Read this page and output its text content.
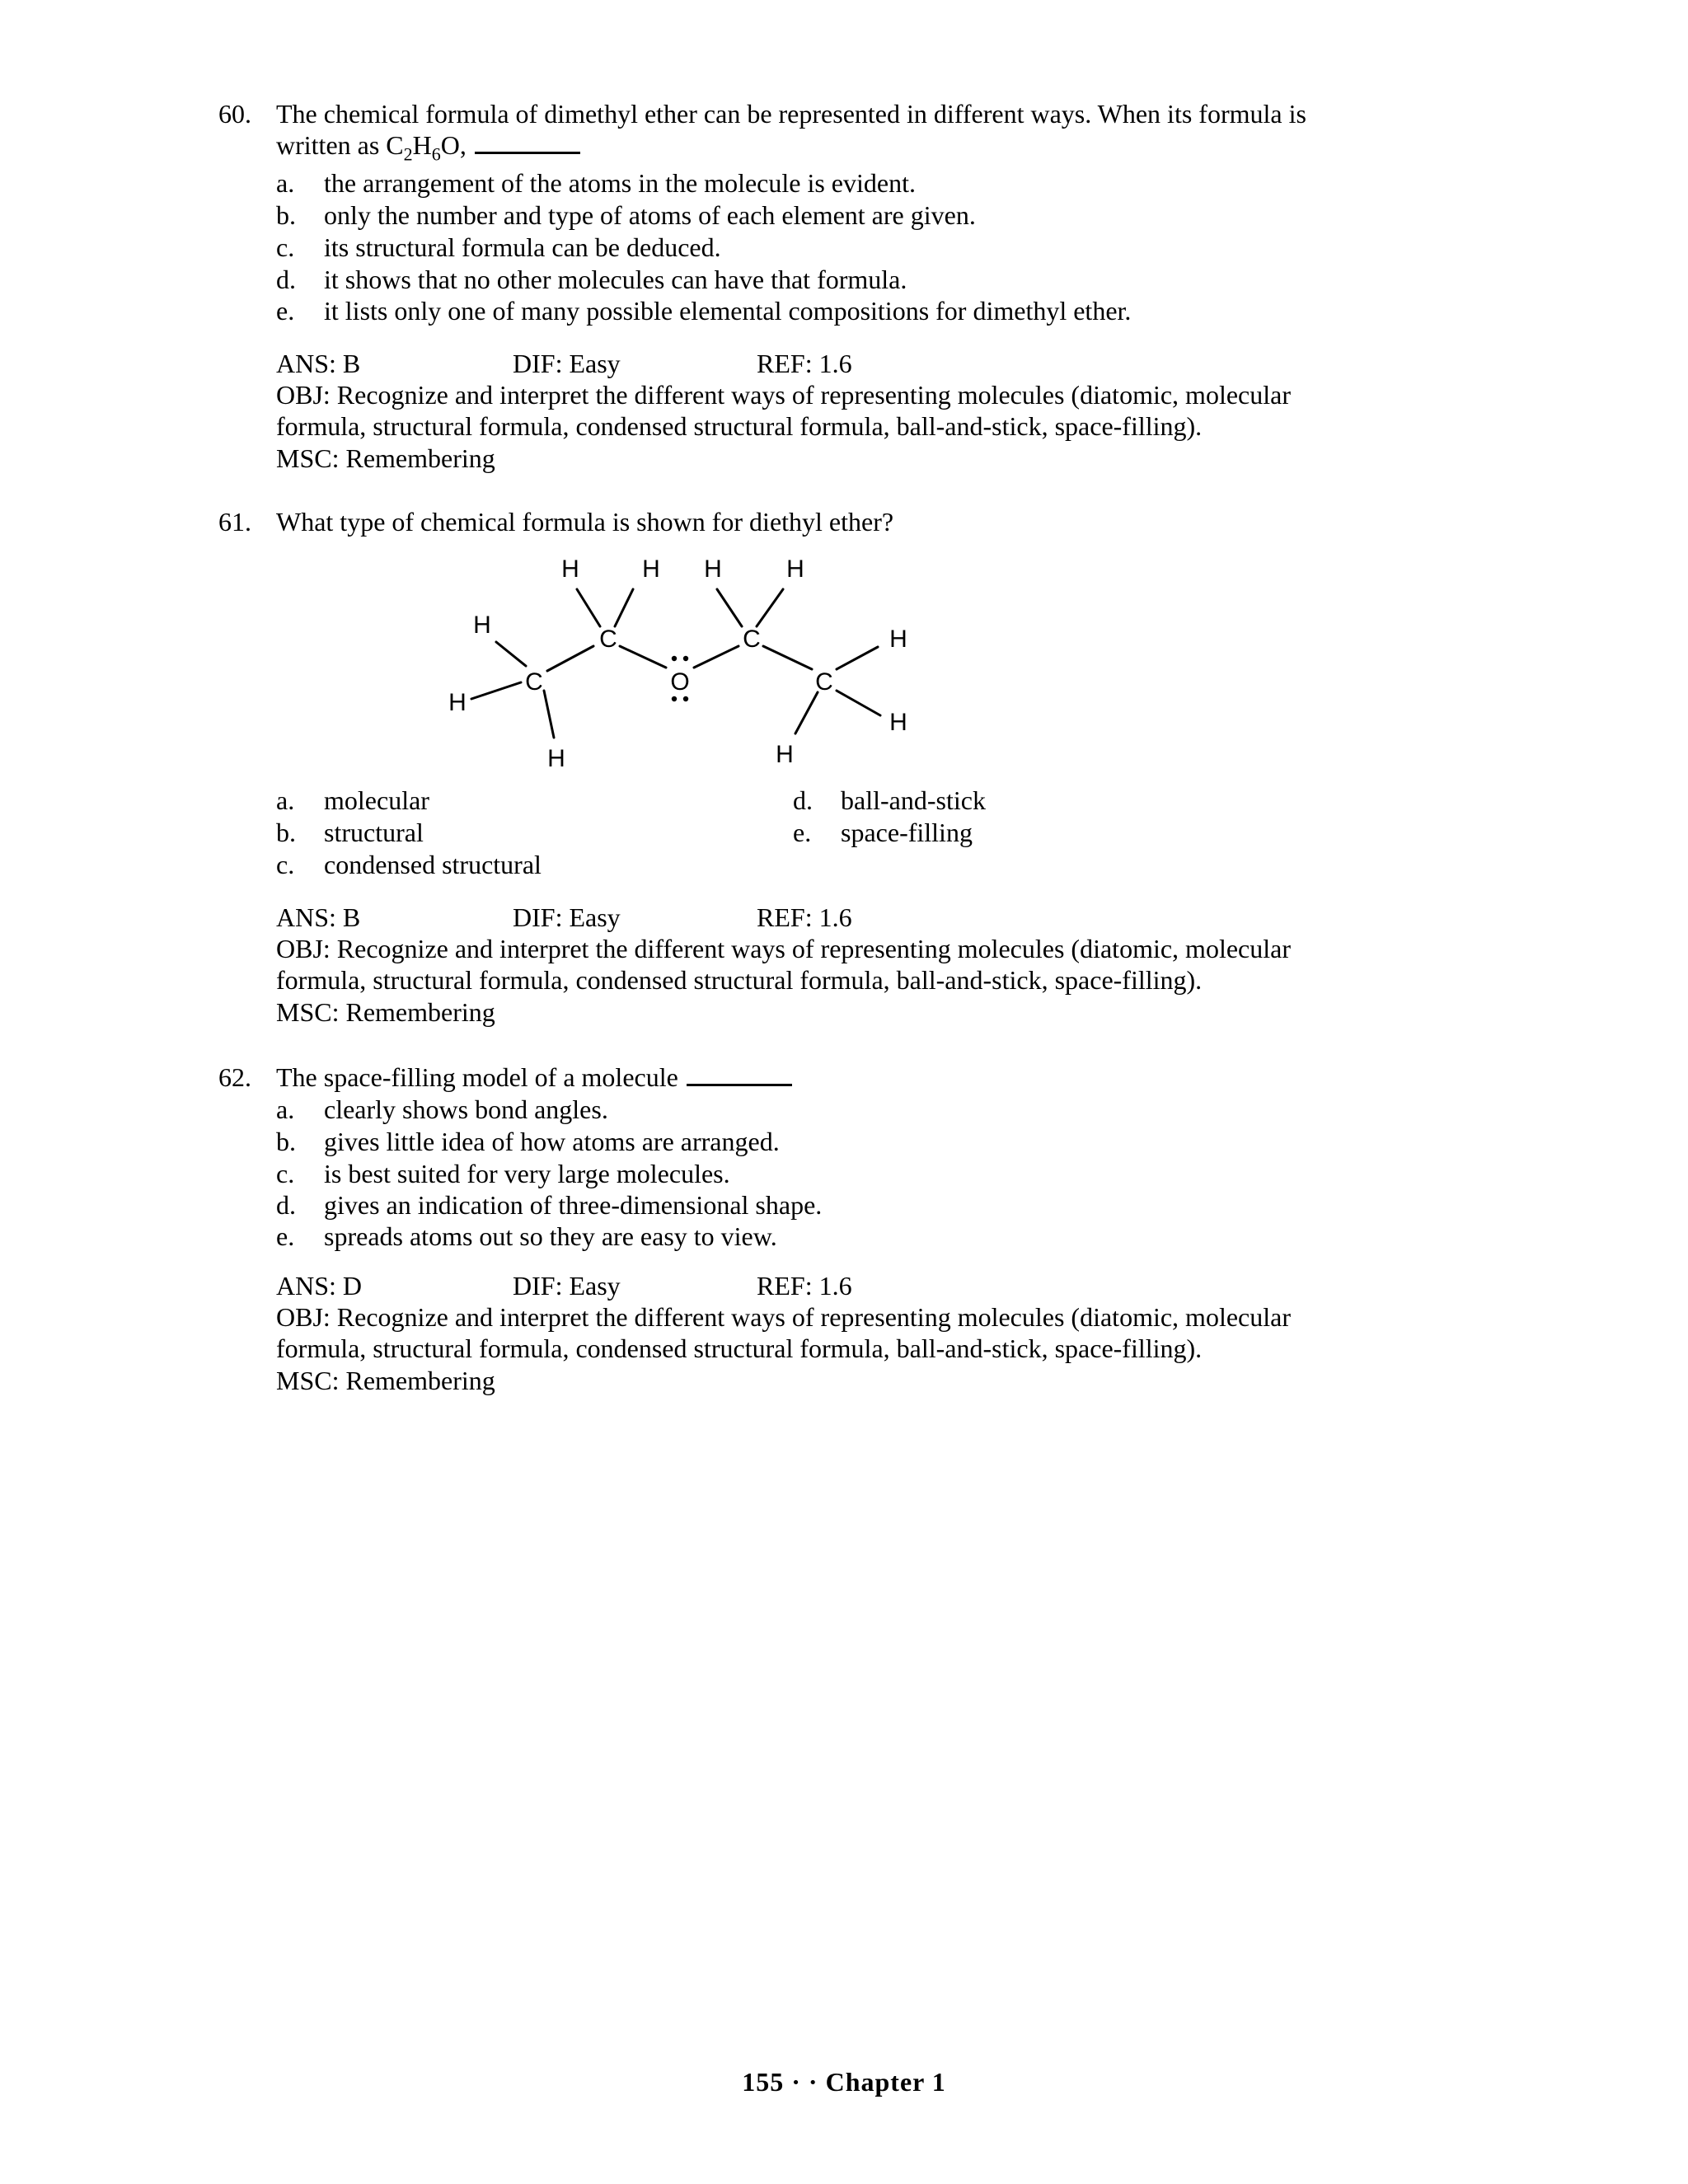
60. The chemical formula of dimethyl ether can be represented in different ways. When its formula is
written as $C_2H_6O$,
a. the arrangement of the atoms in the molecule is evident.
b. only the number and type of atoms of each element are given.
c. its structural formula can be deduced.
d. it shows that no other molecules can have that formula.
e. it lists only one of many possible elemental compositions for dimethyl ether.
ANS: B	DIF: Easy	REF: 1.6
OBJ: Recognize and interpret the different ways of representing molecules (diatomic, molecular
formula, structural formula, condensed structural formula, ball-and-stick, space-filling).
MSC: Remembering
61. What type of chemical formula is shown for diethyl ether?
H	H H	H
C	C
C	C
O
H
H
H
H
H
H
a. molecular
b. structural
c. condensed structural
d. ball-and-stick
e. space-filling
ANS: B	DIF: Easy	REF: 1.6
OBJ: Recognize and interpret the different ways of representing molecules (diatomic, molecular
formula, structural formula, condensed structural formula, ball-and-stick, space-filling).
MSC: Remembering
62. The space-filling model of a molecule
a. clearly shows bond angles.
b. gives little idea of how atoms are arranged.
c. is best suited for very large molecules.
d. gives an indication of three-dimensional shape.
e. spreads atoms out so they are easy to view.
ANS: D	DIF: Easy	REF: 1.6
OBJ: Recognize and interpret the different ways of representing molecules (diatomic, molecular
formula, structural formula, condensed structural formula, ball-and-stick, space-filling).
MSC: Remembering
155 · · Chapter 1
